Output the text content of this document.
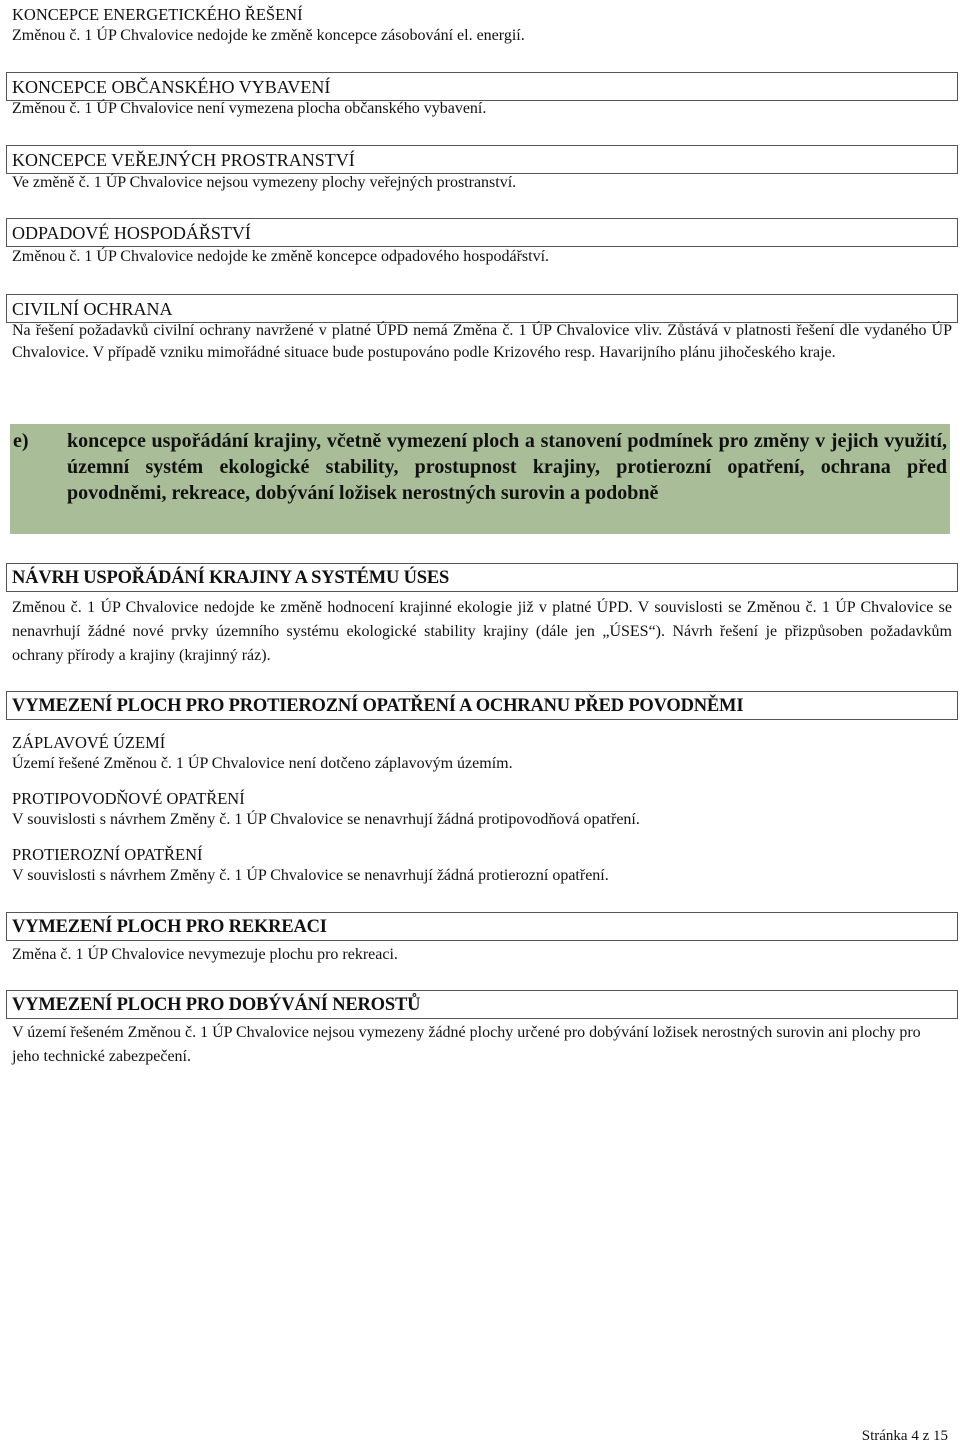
KONCEPCE ENERGETICKÉHO ŘEŠENÍ

Změnou č. 1 ÚP Chvalovice nedojde ke změně koncepce zásobování el. energií.

KONCEPCE OBČANSKÉHO VYBAVENÍ

Změnou č. 1 ÚP Chvalovice není vymezena plocha občanského vybavení.

KONCEPCE VEŘEJNÝCH PROSTRANSTVÍ

Ve změně č. 1 ÚP Chvalovice nejsou vymezeny plochy veřejných prostranství.

ODPADOVÉ HOSPODÁŘSTVÍ

Změnou č. 1 ÚP Chvalovice nedojde ke změně koncepce odpadového hospodářství.

CIVILNÍ OCHRANA

Na řešení požadavků civilní ochrany navržené v platné ÚPD nemá Změna č. 1 ÚP Chvalovice vliv. Zůstává v platnosti řešení dle vydaného ÚP Chvalovice. V případě vzniku mimořádné situace bude postupováno podle Krizového resp. Havarijního plánu jihočeského kraje.

e) koncepce uspořádání krajiny, včetně vymezení ploch a stanovení podmínek pro změny v jejich využití, územní systém ekologické stability, prostupnost krajiny, protierozní opatření, ochrana před povodněmi, rekreace, dobývání ložisek nerostných surovin a podobně
NÁVRH USPOŘÁDÁNÍ KRAJINY A SYSTÉMU ÚSES

Změnou č. 1 ÚP Chvalovice nedojde ke změně hodnocení krajinné ekologie již v platné ÚPD. V souvislosti se Změnou č. 1 ÚP Chvalovice se nenavrhují žádné nové prvky územního systému ekologické stability krajiny (dále jen „ÚSES“). Návrh řešení je přizpůsoben požadavkům ochrany přírody a krajiny (krajinný ráz).

VYMEZENÍ PLOCH PRO PROTIEROZNÍ OPATŘENÍ A OCHRANU PŘED POVODNĚMI

ZÁPLAVOVÉ ÚZEMÍ

Území řešené Změnou č. 1 ÚP Chvalovice není dotčeno záplavovým územím.

PROTIPOVODŇOVÉ OPATŘENÍ

V souvislosti s návrhem Změny č. 1 ÚP Chvalovice se nenavrhují žádná protipovodňová opatření.

PROTIEROZNÍ OPATŘENÍ

V souvislosti s návrhem Změny č. 1 ÚP Chvalovice se nenavrhují žádná protierozní opatření.

VYMEZENÍ PLOCH PRO REKREACI

Změna č. 1 ÚP Chvalovice nevymezuje plochu pro rekreaci.

VYMEZENÍ PLOCH PRO DOBÝVÁNÍ NEROSTŮ

V území řešeném Změnou č. 1 ÚP Chvalovice nejsou vymezeny žádné plochy určené pro dobývání ložisek nerostných surovin ani plochy pro jeho technické zabezpečení.

Stránka 4 z 15
